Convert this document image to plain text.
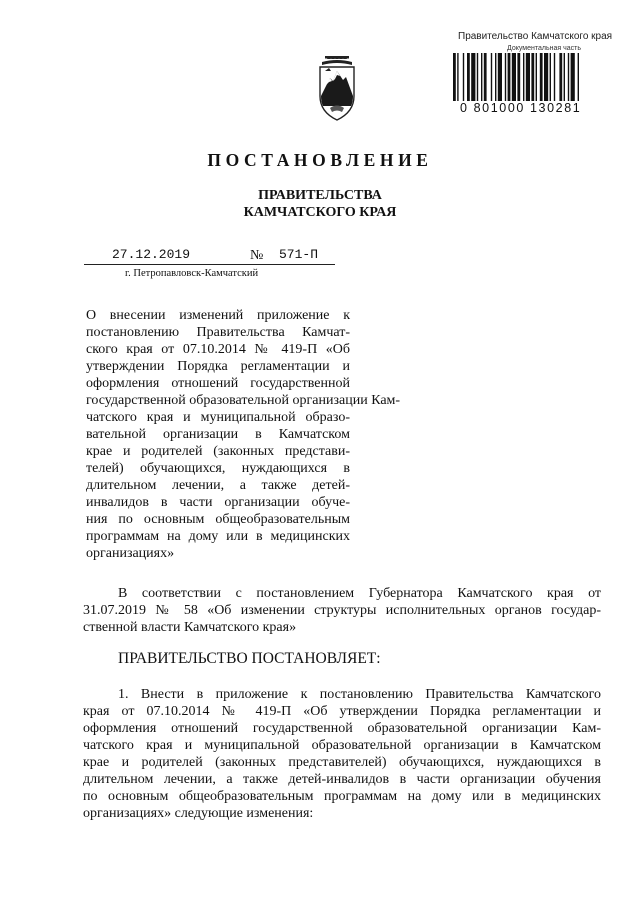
Правительство Камчатского края
Документальная часть
0 801000 130281
ПОСТАНОВЛЕНИЕ
ПРАВИТЕЛЬСТВА
КАМЧАТСКОГО КРАЯ
27.12.2019	№ 571-П
г. Петропавловск-Камчатский
О внесении изменений приложение к
постановлению Правительства Камчат-
ского края от 07.10.2014 № 419-П «Об
утверждении Порядка регламентации и
оформления отношений государственной
государственной образовательной организации Кам-
чатского края и муниципальной образо-
вательной организации в Камчатском
крае и родителей (законных представи-
телей) обучающихся, нуждающихся в
длительном лечении, а также детей-
инвалидов в части организации обуче-
ния по основным общеобразовательным
программам на дому или в медицинских
организациях»
В соответствии с постановлением Губернатора Камчатского края от
31.07.2019 № 58 «Об изменении структуры исполнительных органов государ-
ственной власти Камчатского края»
ПРАВИТЕЛЬСТВО ПОСТАНОВЛЯЕТ:
1. Внести в приложение к постановлению Правительства Камчатского
края от 07.10.2014 № 419-П «Об утверждении Порядка регламентации и
оформления отношений государственной образовательной организации Кам-
чатского края и муниципальной образовательной организации в Камчатском
крае и родителей (законных представителей) обучающихся, нуждающихся в
длительном лечении, а также детей-инвалидов в части организации обучения
по основным общеобразовательным программам на дому или в медицинских
организациях» следующие изменения:
